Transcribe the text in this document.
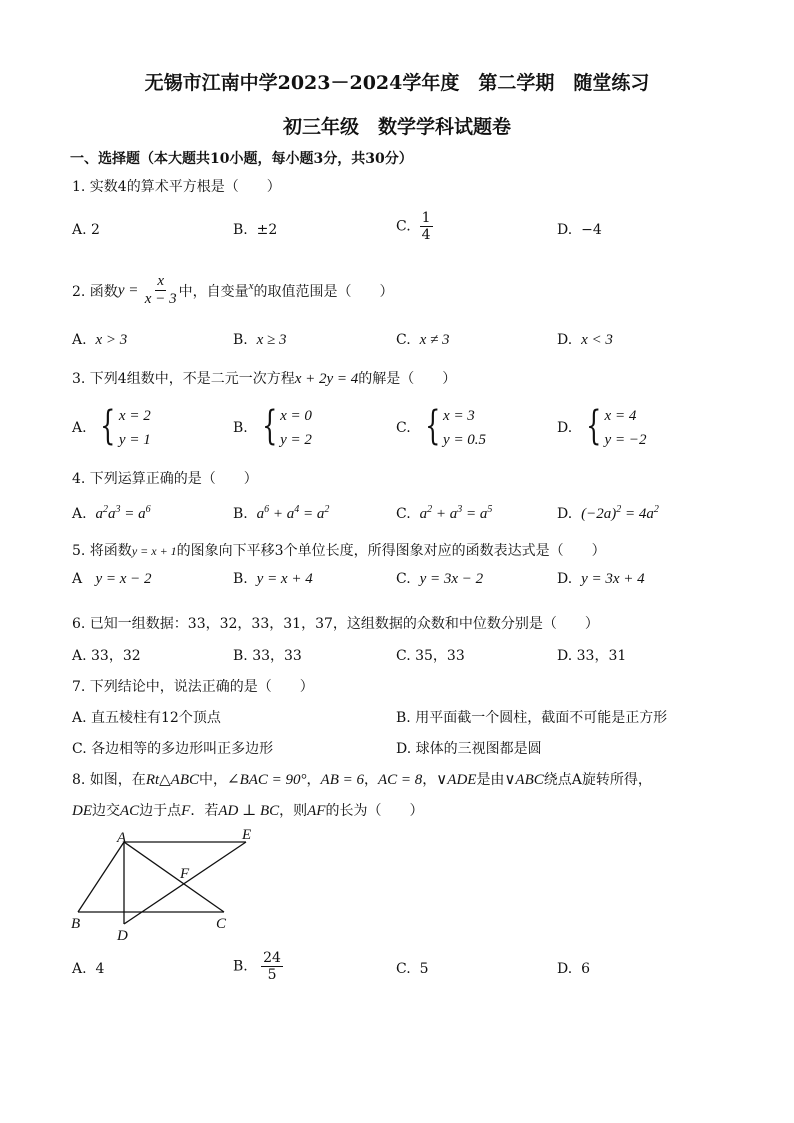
无锡市江南中学2023－2024学年度　第二学期　随堂练习
初三年级　数学学科试题卷
一、选择题（本大题共10小题，每小题3分，共30分）
1. 实数4的算术平方根是（　　）
A. 2	B. ±2	C. $\frac{1}{4}$	D. −4
2. 函数$y = \frac{x}{x - 3}$ 中，自变量$^x$的取值范围是（　　）
A. x > 3	B. x ≥ 3	C. x ≠ 3	D. x < 3
3. 下列4组数中，不是二元一次方程x + 2y = 4的解是（　　）
A. { x = 2
y = 1
B. { x = 0
y = 2
C. { x = 3
y = 0.5
D. { x = 4
y = −2
4. 下列运算正确的是（　　）
A. $a^2a^3 = a^6$	B. $a^6 + a^4 = a^2$	C. $a^2 + a^3 = a^5$	D. $(-2a)^2 = 4a^2$
5. 将函数y = x + 1的图象向下平移3个单位长度，所得图象对应的函数表达式是（　　）
A y = x − 2	B. y = x + 4	C. y = 3x − 2	D. y = 3x + 4
6. 已知一组数据：33，32，33，31，37，这组数据的众数和中位数分别是（　　）
A. 33，32	B. 33，33	C. 35，33	D. 33，31
7. 下列结论中，说法正确的是（　　）
A. 直五棱柱有12个顶点	B. 用平面截一个圆柱，截面不可能是正方形
C. 各边相等的多边形叫正多边形	D. 球体的三视图都是圆
8. 如图，在Rt△ABC中，∠BAC = 90°，AB = 6，AC = 8，∨ADE是由∨ABC绕点A旋转所得，
DE边交AC边于点F．若AD ⊥ BC，则AF的长为（　　）
A	E
F
B
D
C
A. 4	B. $\frac{24}{5}$	C. 5	D. 6
